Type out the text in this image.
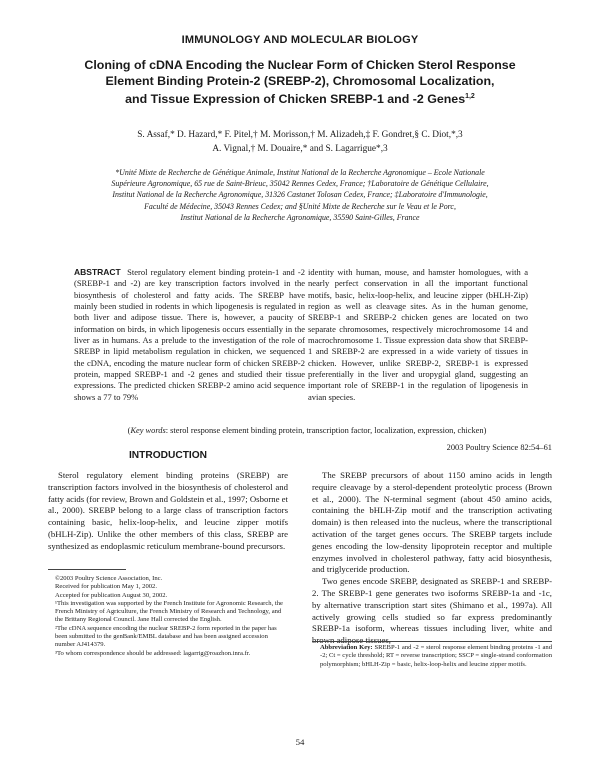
IMMUNOLOGY AND MOLECULAR BIOLOGY
Cloning of cDNA Encoding the Nuclear Form of Chicken Sterol Response
Element Binding Protein-2 (SREBP-2), Chromosomal Localization,
and Tissue Expression of Chicken SREBP-1 and -2 Genes$^{1,2}$
S. Assaf,* D. Hazard,* F. Pitel,† M. Morisson,† M. Alizadeh,‡ F. Gondret,§ C. Diot,*,3
A. Vignal,† M. Douaire,* and S. Lagarrigue*,3
*Unité Mixte de Recherche de Génétique Animale, Institut National de la Recherche Agronomique – Ecole Nationale
Supérieure Agronomique, 65 rue de Saint-Brieuc, 35042 Rennes Cedex, France; †Laboratoire de Génétique Cellulaire,
Institut National de la Recherche Agronomique, 31326 Castanet Tolosan Cedex, France; ‡Laboratoire d'Immunologie,
Faculté de Médecine, 35043 Rennes Cedex; and §Unité Mixte de Recherche sur le Veau et le Porc,
Institut National de la Recherche Agronomique, 35590 Saint-Gilles, France
ABSTRACT Sterol regulatory element binding protein-1 and -2 (SREBP-1 and -2) are key transcription factors involved in the biosynthesis of cholesterol and fatty acids. The SREBP have mainly been studied in rodents in which lipogenesis is regulated in both liver and adipose tissue. There is, however, a paucity of information on birds, in which lipogenesis occurs essentially in the liver as in humans. As a prelude to the investigation of the role of SREBP in lipid metabolism regulation in chicken, we sequenced the cDNA, encoding the mature nuclear form of chicken SREBP-2 protein, mapped SREBP-1 and -2 genes and studied their tissue expressions. The predicted chicken SREBP-2 amino acid sequence shows a 77 to 79%
identity with human, mouse, and hamster homologues, with a nearly perfect conservation in all the important functional motifs, basic, helix-loop-helix, and leucine zipper (bHLH-Zip) region as well as cleavage sites. As in the human genome, SREBP-1 and SREBP-2 chicken genes are located on two separate chromosomes, respectively microchromosome 14 and macrochromosome 1. Tissue expression data show that SREBP-1 and SREBP-2 are expressed in a wide variety of tissues in chicken. However, unlike SREBP-2, SREBP-1 is expressed preferentially in the liver and uropygial gland, suggesting an important role of SREBP-1 in the regulation of lipogenesis in avian species.
(Key words: sterol response element binding protein, transcription factor, localization, expression, chicken)
2003 Poultry Science 82:54–61
INTRODUCTION

Sterol regulatory element binding proteins (SREBP) are transcription factors involved in the biosynthesis of cholesterol and fatty acids (for review, Brown and Goldstein et al., 1997; Osborne et al., 2000). SREBP belong to a large class of transcription factors containing basic, helix-loop-helix, and leucine zipper motifs (bHLH-Zip). Unlike the other members of this class, SREBP are synthesized as endoplasmic reticulum membrane-bound precursors.

The SREBP precursors of about 1150 amino acids in length require cleavage by a sterol-dependent proteolytic process (Brown et al., 2000). The N-terminal segment (about 450 amino acids, containing the bHLH-Zip motif and the transcription activating domain) is then released into the nucleus, where the transcriptional activation of the target genes occurs. The SREBP targets include genes encoding the low-density lipoprotein receptor and multiple enzymes involved in cholesterol pathway, fatty acid biosynthesis, and triglyceride production.

Two genes encode SREBP, designated as SREBP-1 and SREBP-2. The SREBP-1 gene generates two isoforms SREBP-1a and -1c, by alternative transcription start sites (Shimano et al., 1997a). All actively growing cells studied so far express predominantly SREBP-1a isoform, whereas tissues including liver, white and brown adipose tissues,

©2003 Poultry Science Association, Inc.

Received for publication May 1, 2002.

Accepted for publication August 30, 2002.

¹This investigation was supported by the French Institute for Agronomic Research, the French Ministry of Agriculture, the French Ministry of Research and Technology, and the Brittany Regional Council. Jane Hall corrected the English.

²The cDNA sequence encoding the nuclear SREBP-2 form reported in the paper has been submitted to the genBank/EMBL database and has been assigned accession number AJ414379.

³To whom correspondence should be addressed: lagarrig@roazhon.inra.fr.

Abbreviation Key: SREBP-1 and -2 = sterol response element binding proteins -1 and -2; Ct = cycle threshold; RT = reverse transcription; SSCP = single-strand conformation polymorphism; bHLH-Zip = basic, helix-loop-helix and leucine zipper motifs.
54
